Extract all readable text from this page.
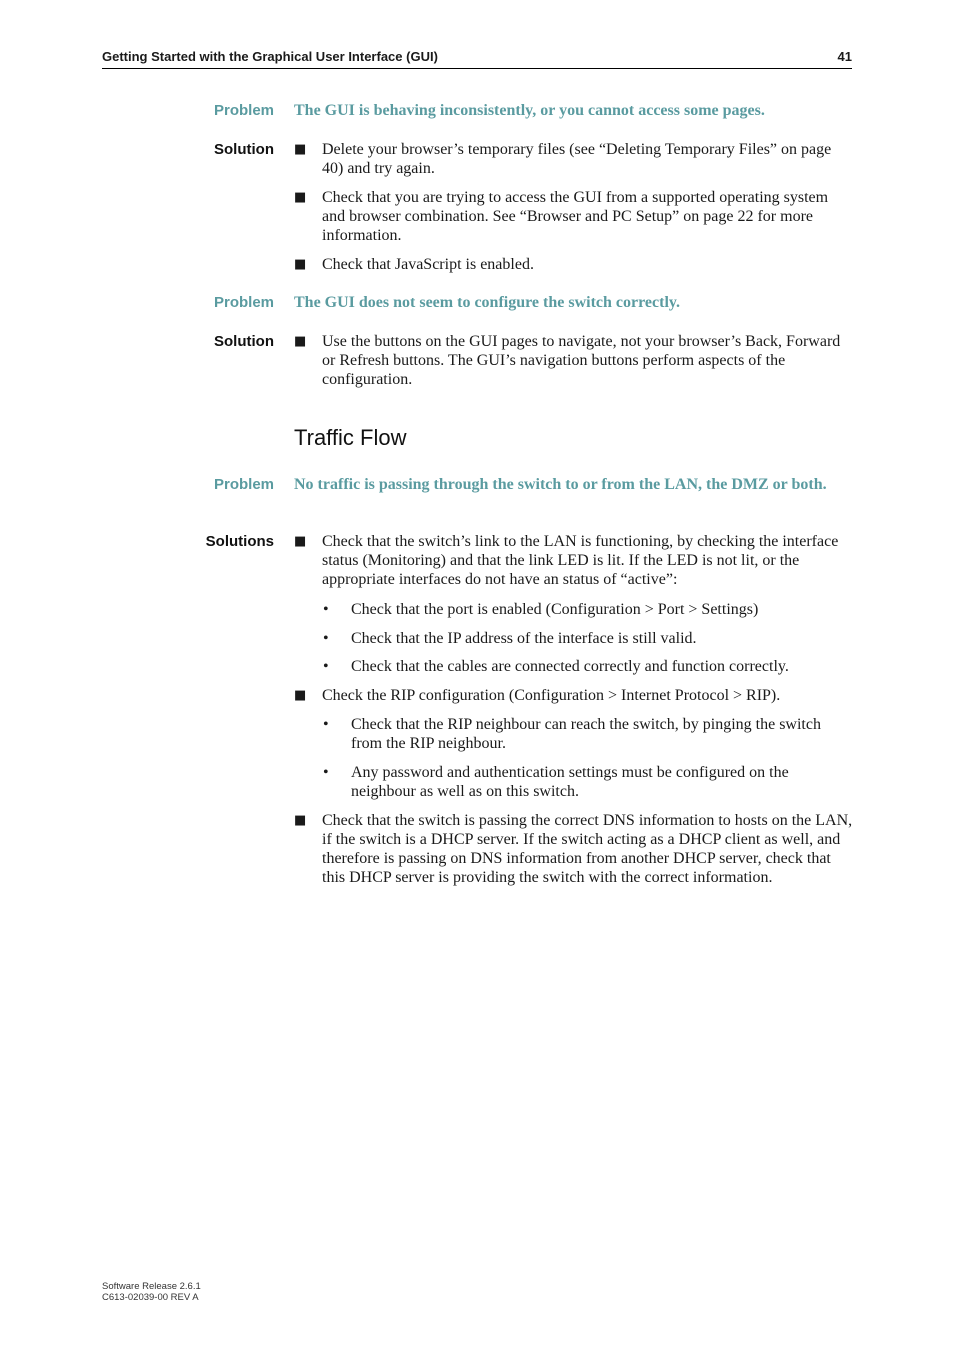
Getting Started with the Graphical User Interface (GUI)	41
Problem The GUI is behaving inconsistently, or you cannot access some pages.
Solution ■ Delete your browser’s temporary files (see “Deleting Temporary Files” on page 40) and try again.
■ Check that you are trying to access the GUI from a supported operating system and browser combination. See “Browser and PC Setup” on page 22 for more information.
■ Check that JavaScript is enabled.
Problem The GUI does not seem to configure the switch correctly.
Solution ■ Use the buttons on the GUI pages to navigate, not your browser’s Back, Forward or Refresh buttons. The GUI’s navigation buttons perform aspects of the configuration.
Traffic Flow
Problem No traffic is passing through the switch to or from the LAN, the DMZ or both.
Solutions ■ Check that the switch’s link to the LAN is functioning, by checking the interface status (Monitoring) and that the link LED is lit. If the LED is not lit, or the appropriate interfaces do not have an status of “active”:
• Check that the port is enabled (Configuration > Port > Settings)
• Check that the IP address of the interface is still valid.
• Check that the cables are connected correctly and function correctly.
■ Check the RIP configuration (Configuration > Internet Protocol > RIP).
• Check that the RIP neighbour can reach the switch, by pinging the switch from the RIP neighbour.
• Any password and authentication settings must be configured on the neighbour as well as on this switch.
■ Check that the switch is passing the correct DNS information to hosts on the LAN, if the switch is a DHCP server. If the switch acting as a DHCP client as well, and therefore is passing on DNS information from another DHCP server, check that this DHCP server is providing the switch with the correct information.
Software Release 2.6.1
C613-02039-00 REV A
